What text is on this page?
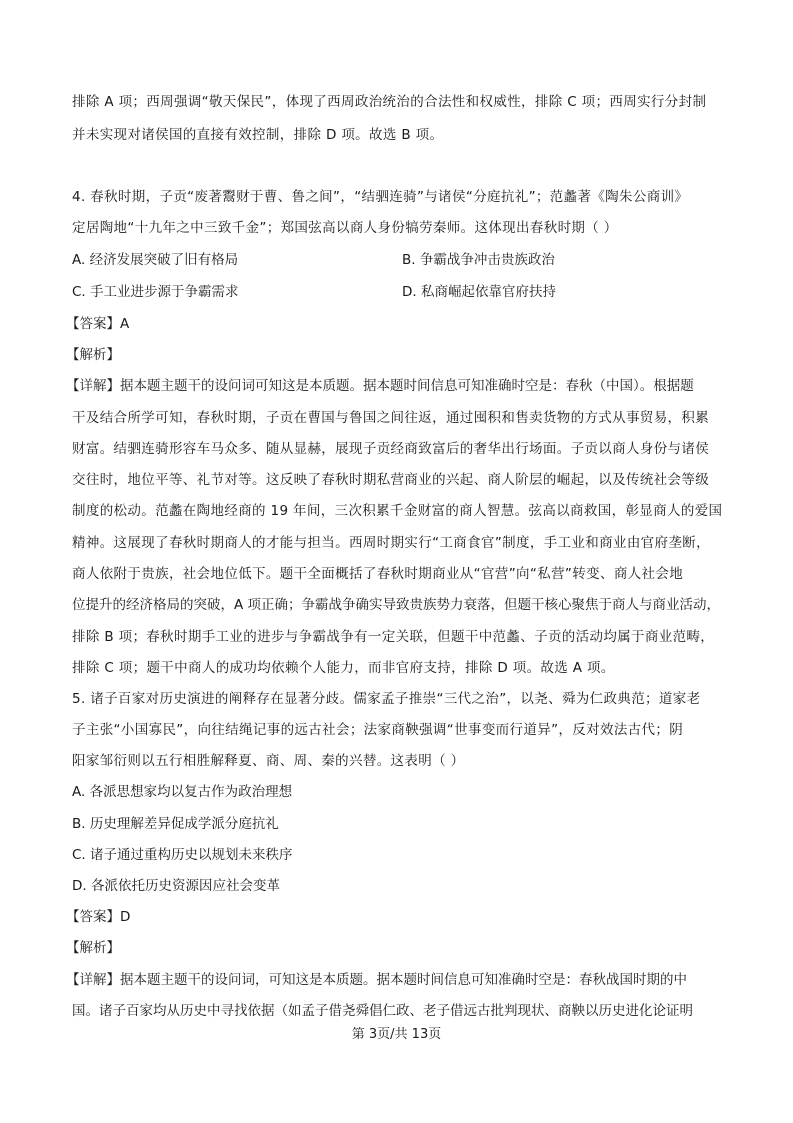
排除 A 项；西周强调“敬天保民”，体现了西周政治统治的合法性和权威性，排除 C 项；西周实行分封制
并未实现对诸侯国的直接有效控制，排除 D 项。故选 B 项。
4. 春秋时期，子贡“废著鬻财于曹、鲁之间”，“结驷连骑”与诸侯“分庭抗礼”；范蠡著《陶朱公商训》
定居陶地“十九年之中三致千金”；郑国弦高以商人身份犒劳秦师。这体现出春秋时期（ ）
A. 经济发展突破了旧有格局	B. 争霸战争冲击贵族政治
C. 手工业进步源于争霸需求	D. 私商崛起依靠官府扶持
【答案】A
【解析】
【详解】据本题主题干的设问词可知这是本质题。据本题时间信息可知准确时空是：春秋（中国）。根据题
干及结合所学可知，春秋时期，子贡在曹国与鲁国之间往返，通过囤积和售卖货物的方式从事贸易，积累
财富。结驷连骑形容车马众多、随从显赫，展现子贡经商致富后的奢华出行场面。子贡以商人身份与诸侯
交往时，地位平等、礼节对等。这反映了春秋时期私营商业的兴起、商人阶层的崛起，以及传统社会等级
制度的松动。范蠡在陶地经商的 19 年间，三次积累千金财富的商人智慧。弦高以商救国，彰显商人的爱国
精神。这展现了春秋时期商人的才能与担当。西周时期实行“工商食官”制度，手工业和商业由官府垄断，
商人依附于贵族，社会地位低下。题干全面概括了春秋时期商业从“官营”向“私营”转变、商人社会地
位提升的经济格局的突破，A 项正确；争霸战争确实导致贵族势力衰落，但题干核心聚焦于商人与商业活动，
排除 B 项；春秋时期手工业的进步与争霸战争有一定关联，但题干中范蠡、子贡的活动均属于商业范畴，
排除 C 项；题干中商人的成功均依赖个人能力，而非官府支持，排除 D 项。故选 A 项。
5. 诸子百家对历史演进的阐释存在显著分歧。儒家孟子推崇“三代之治”，以尧、舜为仁政典范；道家老
子主张“小国寡民”，向往结绳记事的远古社会；法家商鞅强调“世事变而行道异”，反对效法古代；阴
阳家邹衍则以五行相胜解释夏、商、周、秦的兴替。这表明（ ）
A. 各派思想家均以复古作为政治理想
B. 历史理解差异促成学派分庭抗礼
C. 诸子通过重构历史以规划未来秩序
D. 各派依托历史资源因应社会变革
【答案】D
【解析】
【详解】据本题主题干的设问词，可知这是本质题。据本题时间信息可知准确时空是：春秋战国时期的中
国。诸子百家均从历史中寻找依据（如孟子借尧舜倡仁政、老子借远古批判现状、商鞅以历史进化论证明
第 3页/共 13页
